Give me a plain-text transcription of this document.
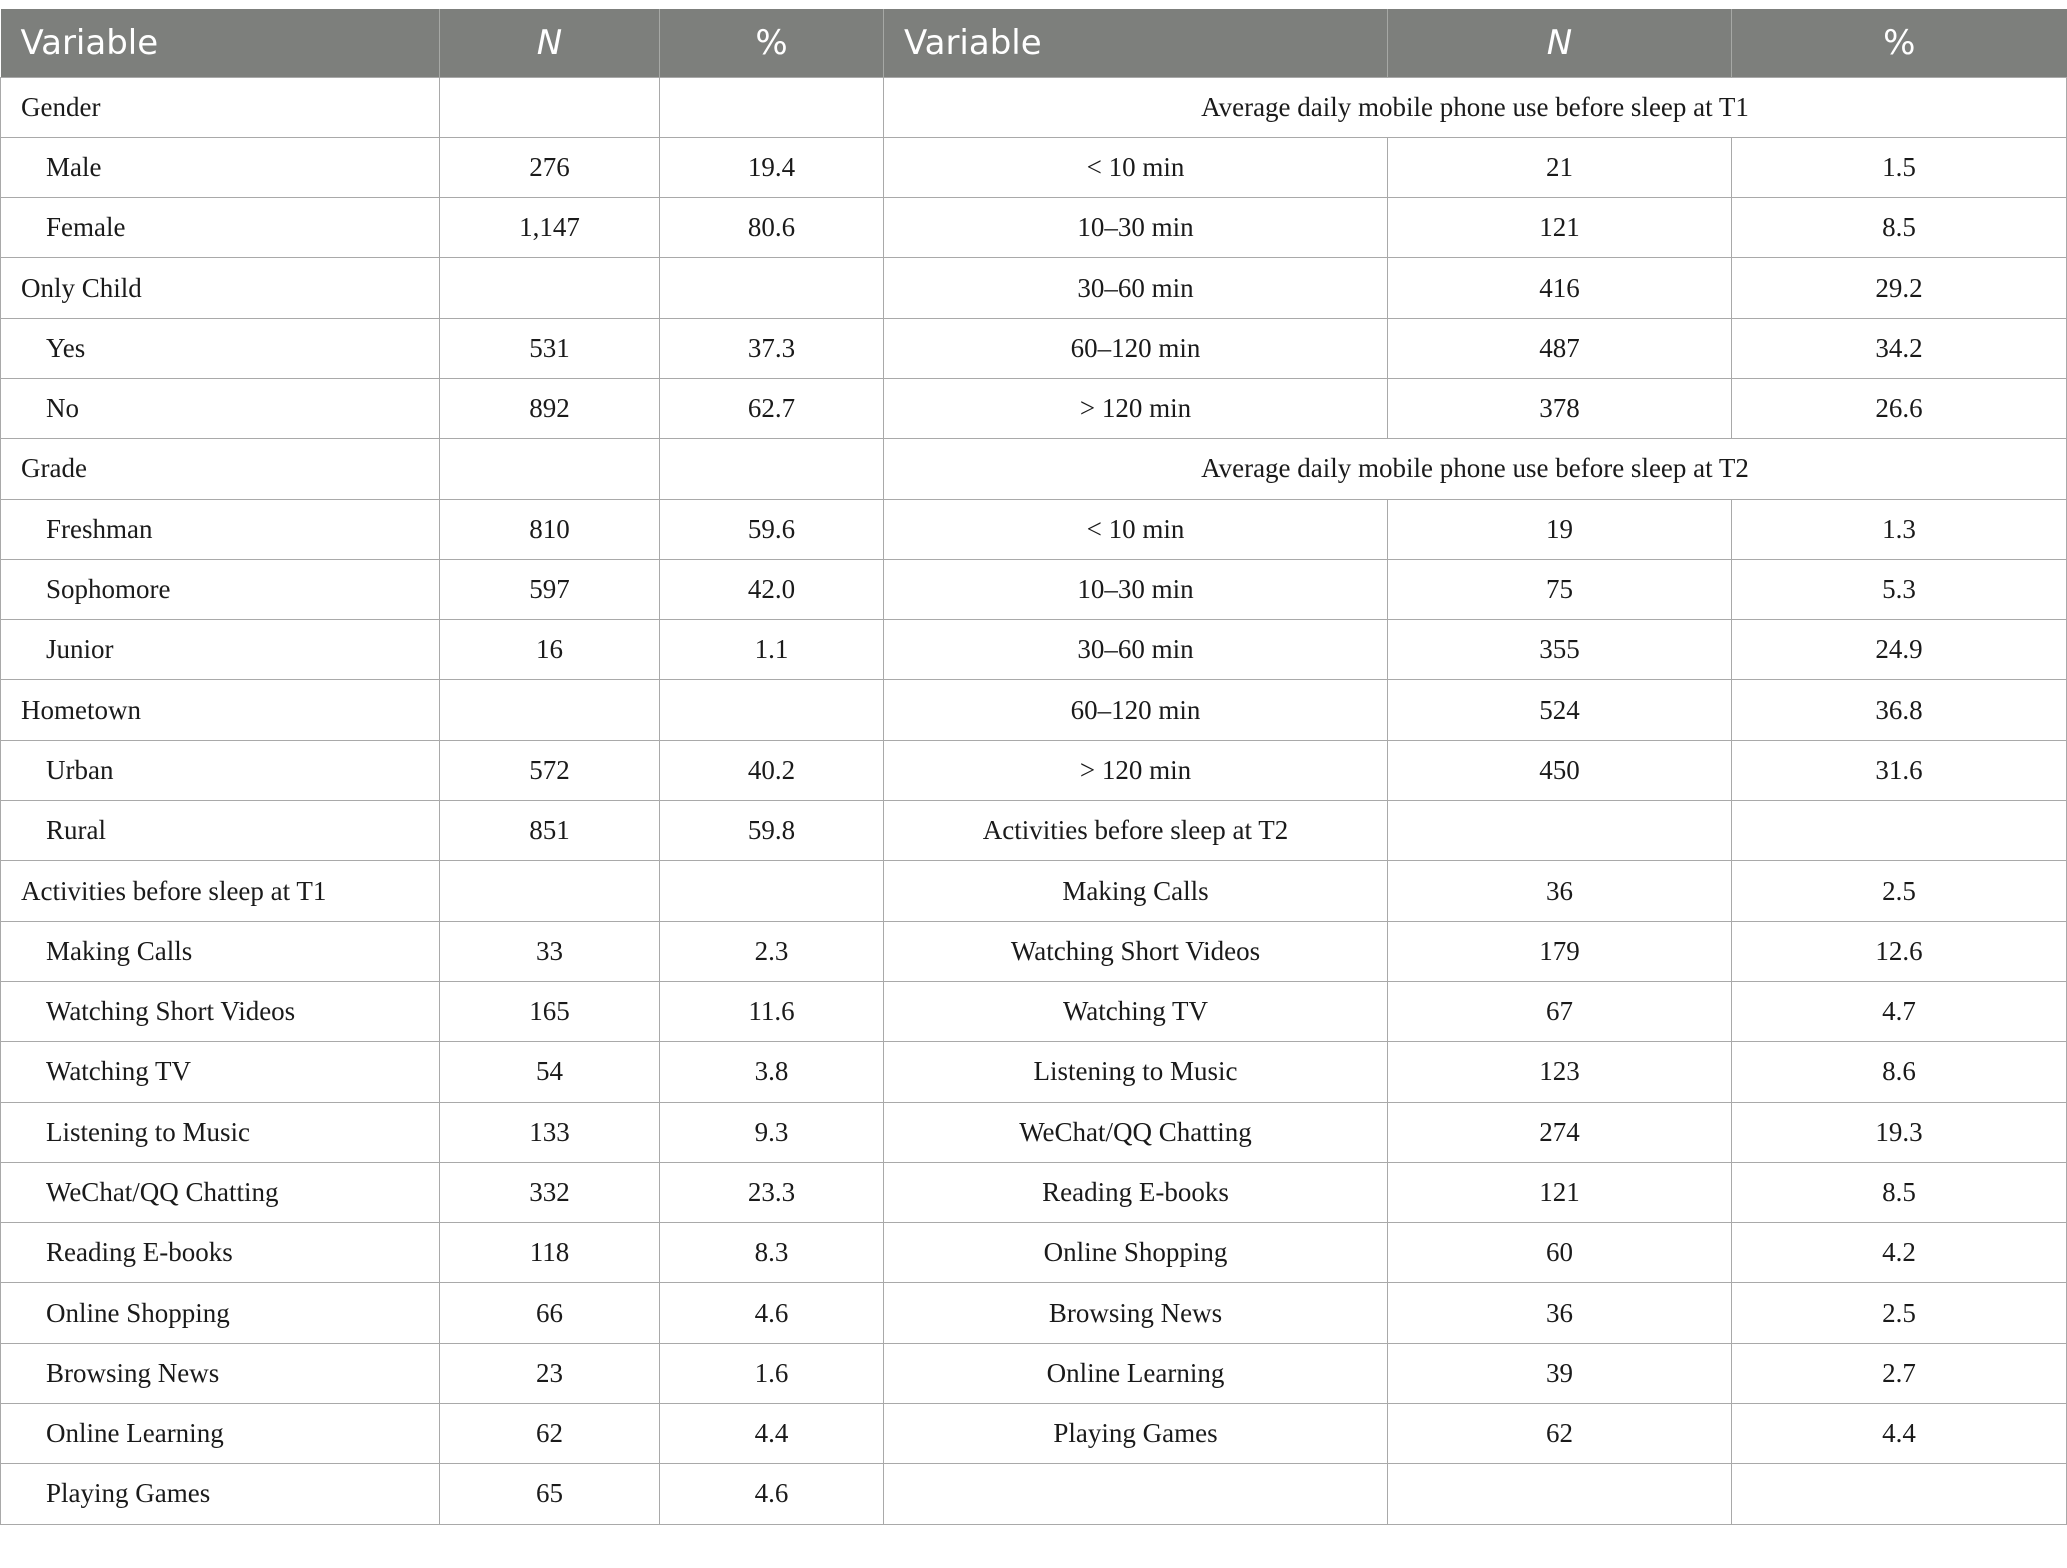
Variable	N	%	Variable	N	%
Gender			Average daily mobile phone use before sleep at T1		
Male	276	19.4	< 10 min	21	1.5
Female	1,147	80.6	10–30 min	121	8.5
Only Child			30–60 min	416	29.2
Yes	531	37.3	60–120 min	487	34.2
No	892	62.7	> 120 min	378	26.6
Grade			Average daily mobile phone use before sleep at T2		
Freshman	810	59.6	< 10 min	19	1.3
Sophomore	597	42.0	10–30 min	75	5.3
Junior	16	1.1	30–60 min	355	24.9
Hometown			60–120 min	524	36.8
Urban	572	40.2	> 120 min	450	31.6
Rural	851	59.8	Activities before sleep at T2		
Activities before sleep at T1			Making Calls	36	2.5
Making Calls	33	2.3	Watching Short Videos	179	12.6
Watching Short Videos	165	11.6	Watching TV	67	4.7
Watching TV	54	3.8	Listening to Music	123	8.6
Listening to Music	133	9.3	WeChat/QQ Chatting	274	19.3
WeChat/QQ Chatting	332	23.3	Reading E-books	121	8.5
Reading E-books	118	8.3	Online Shopping	60	4.2
Online Shopping	66	4.6	Browsing News	36	2.5
Browsing News	23	1.6	Online Learning	39	2.7
Online Learning	62	4.4	Playing Games	62	4.4
Playing Games	65	4.6			
